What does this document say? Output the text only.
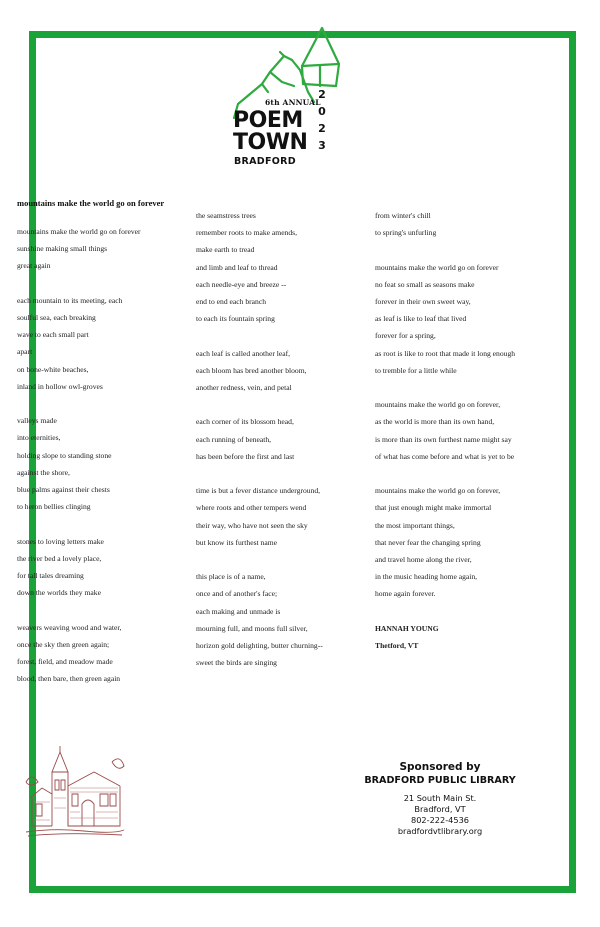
6th ANNUAL
POEM
TOWN
BRADFORD
2
0
2
3
mountains make the world go on forever
mountains make the world go on forever
sunshine making small things
great again
each mountain to its meeting, each
soulful sea, each breaking
wave to each small part
apart
on bone-white beaches,
inland in hollow owl-groves
valleys made
into eternities,
holding slope to standing stone
against the shore,
blue palms against their chests
to heron bellies clinging
stones to loving letters make
the river bed a lovely place,
for tall tales dreaming
down the worlds they make
weavers weaving wood and water,
once the sky then green again;
forest, field, and meadow made
blood, then bare, then green again
the seamstress trees
remember roots to make amends,
make earth to tread
and limb and leaf to thread
each needle-eye and breeze --
end to end each branch
to each its fountain spring
each leaf is called another leaf,
each bloom has bred another bloom,
another redness, vein, and petal
each corner of its blossom head,
each running of beneath,
has been before the first and last
time is but a fever distance underground,
where roots and other tempers wend
their way, who have not seen the sky
but know its furthest name
this place is of a name,
once and of another's face;
each making and unmade is
mourning full, and moons full silver,
horizon gold delighting, butter churning--
sweet the birds are singing
from winter's chill
to spring's unfurling
mountains make the world go on forever
no feat so small as seasons make
forever in their own sweet way,
as leaf is like to leaf that lived
forever for a spring,
as root is like to root that made it long enough
to tremble for a little while
mountains make the world go on forever,
as the world is more than its own hand,
is more than its own furthest name might say
of what has come before and what is yet to be
mountains make the world go on forever,
that just enough might make immortal
the most important things,
that never fear the changing spring
and travel home along the river,
in the music heading home again,
home again forever.
HANNAH YOUNG
Thetford, VT
Sponsored by
BRADFORD PUBLIC LIBRARY
21 South Main St.
Bradford, VT
802-222-4536
bradfordvtlibrary.org
